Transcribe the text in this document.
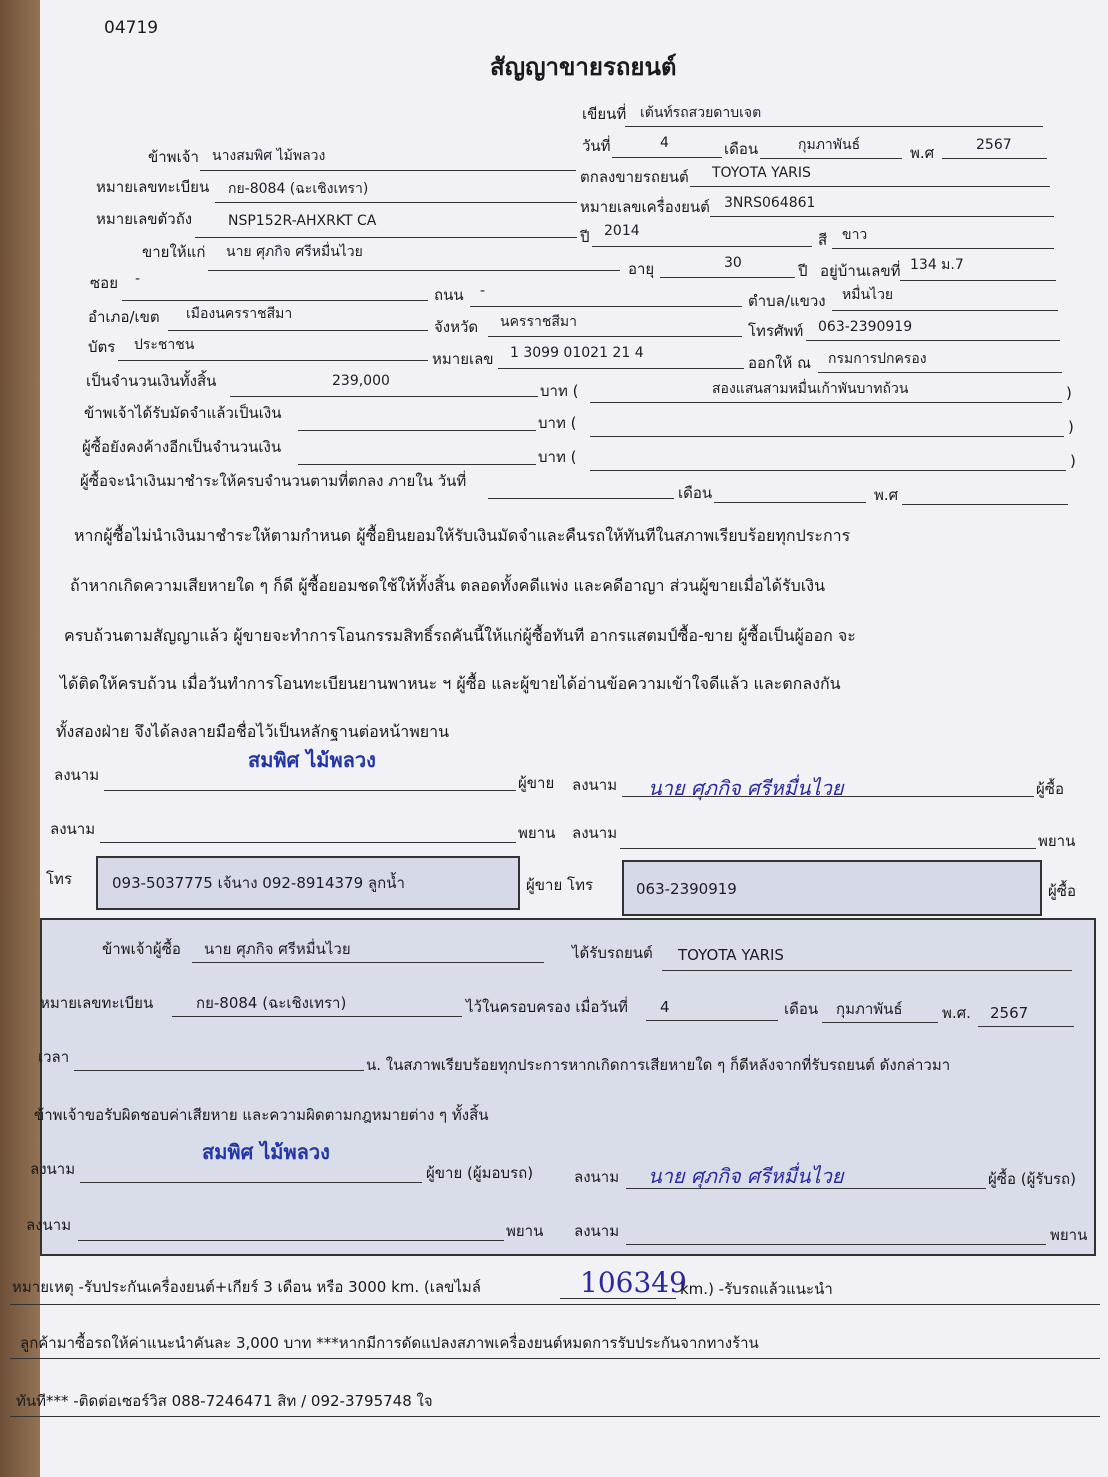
04719
สัญญาขายรถยนต์
เขียนที่ เต้นท์รถสวยดาบเจต
วันที่	4	เดือน	กุมภาพันธ์	พ.ศ	2567
ข้าพเจ้า นางสมพิศ ไม้พลวง
ตกลงขายรถยนต์ TOYOTA YARIS
หมายเลขทะเบียน กย-8084 (ฉะเชิงเทรา)
หมายเลขเครื่องยนต์ 3NRS064861
หมายเลขตัวถัง	NSP152R-AHXRKT CA
ปี 2014	สี ขาว
ขายให้แก่ นาย ศุภกิจ ศรีหมื่นไวย
อายุ	30	ปี อยู่บ้านเลขที่ 134 ม.7
ซอย -
ถนน -
ตำบล/แขวง หมื่นไวย
อำเภอ/เขต เมืองนครราชสีมา
จังหวัด นครราชสีมา	โทรศัพท์ 063-2390919
บัตร ประชาชน
หมายเลข 1 3099 01021 21 4
ออกให้ ณ กรมการปกครอง
เป็นจำนวนเงินทั้งสิ้น	239,000
บาท (	สองแสนสามหมื่นเก้าพันบาทถ้วน	)
ข้าพเจ้าได้รับมัดจำแล้วเป็นเงิน
บาท (	)
ผู้ซื้อยังคงค้างอีกเป็นจำนวนเงิน
บาท (	)
ผู้ซื้อจะนำเงินมาชำระให้ครบจำนวนตามที่ตกลง ภายใน วันที่
เดือน	พ.ศ
หากผู้ซื้อไม่นำเงินมาชำระให้ตามกำหนด ผู้ซื้อยินยอมให้รับเงินมัดจำและคืนรถให้ทันทีในสภาพเรียบร้อยทุกประการ
ถ้าหากเกิดความเสียหายใด ๆ ก็ดี ผู้ซื้อยอมชดใช้ให้ทั้งสิ้น ตลอดทั้งคดีแพ่ง และคดีอาญา ส่วนผู้ขายเมื่อได้รับเงิน
ครบถ้วนตามสัญญาแล้ว ผู้ขายจะทำการโอนกรรมสิทธิ์รถคันนี้ให้แก่ผู้ซื้อทันที อากรแสตมป์ซื้อ-ขาย ผู้ซื้อเป็นผู้ออก จะ
ได้ติดให้ครบถ้วน เมื่อวันทำการโอนทะเบียนยานพาหนะ ฯ ผู้ซื้อ และผู้ขายได้อ่านข้อความเข้าใจดีแล้ว และตกลงกัน
ทั้งสองฝ่าย จึงได้ลงลายมือชื่อไว้เป็นหลักฐานต่อหน้าพยาน
สมพิศ ไม้พลวง
ลงนาม	ผู้ขาย ลงนาม นาย ศุภกิจ ศรีหมื่นไวย	ผู้ซื้อ
ลงนาม	พยาน ลงนาม	พยาน
โทร	093-5037775 เจ้นาง 092-8914379 ลูกน้ำ	ผู้ขาย โทร	063-2390919	ผู้ซื้อ
ข้าพเจ้าผู้ซื้อ นาย ศุภกิจ ศรีหมื่นไวย	ได้รับรถยนต์ TOYOTA YARIS
หมายเลขทะเบียน	กย-8084 (ฉะเชิงเทรา)	ไว้ในครอบครอง เมื่อวันที่ 4	เดือน กุมภาพันธ์	พ.ศ. 2567
เวลา	น. ในสภาพเรียบร้อยทุกประการหากเกิดการเสียหายใด ๆ ก็ดีหลังจากที่รับรถยนต์ ดังกล่าวมา
ข้าพเจ้าขอรับผิดชอบค่าเสียหาย และความผิดตามกฎหมายต่าง ๆ ทั้งสิ้น
สมพิศ ไม้พลวง
ลงนาม	ผู้ขาย (ผู้มอบรถ)	ลงนาม นาย ศุภกิจ ศรีหมื่นไวย	ผู้ซื้อ (ผู้รับรถ)
ลงนาม	พยาน ลงนาม	พยาน
หมายเหตุ -รับประกันเครื่องยนต์+เกียร์ 3 เดือน หรือ 3000 km. (เลขไมล์	106349
km.) -รับรถแล้วแนะนำ
ลูกค้ามาซื้อรถให้ค่าแนะนำคันละ 3,000 บาท ***หากมีการดัดแปลงสภาพเครื่องยนต์หมดการรับประกันจากทางร้าน
ทันที*** -ติดต่อเซอร์วิส 088-7246471 สิท / 092-3795748 ใจ
